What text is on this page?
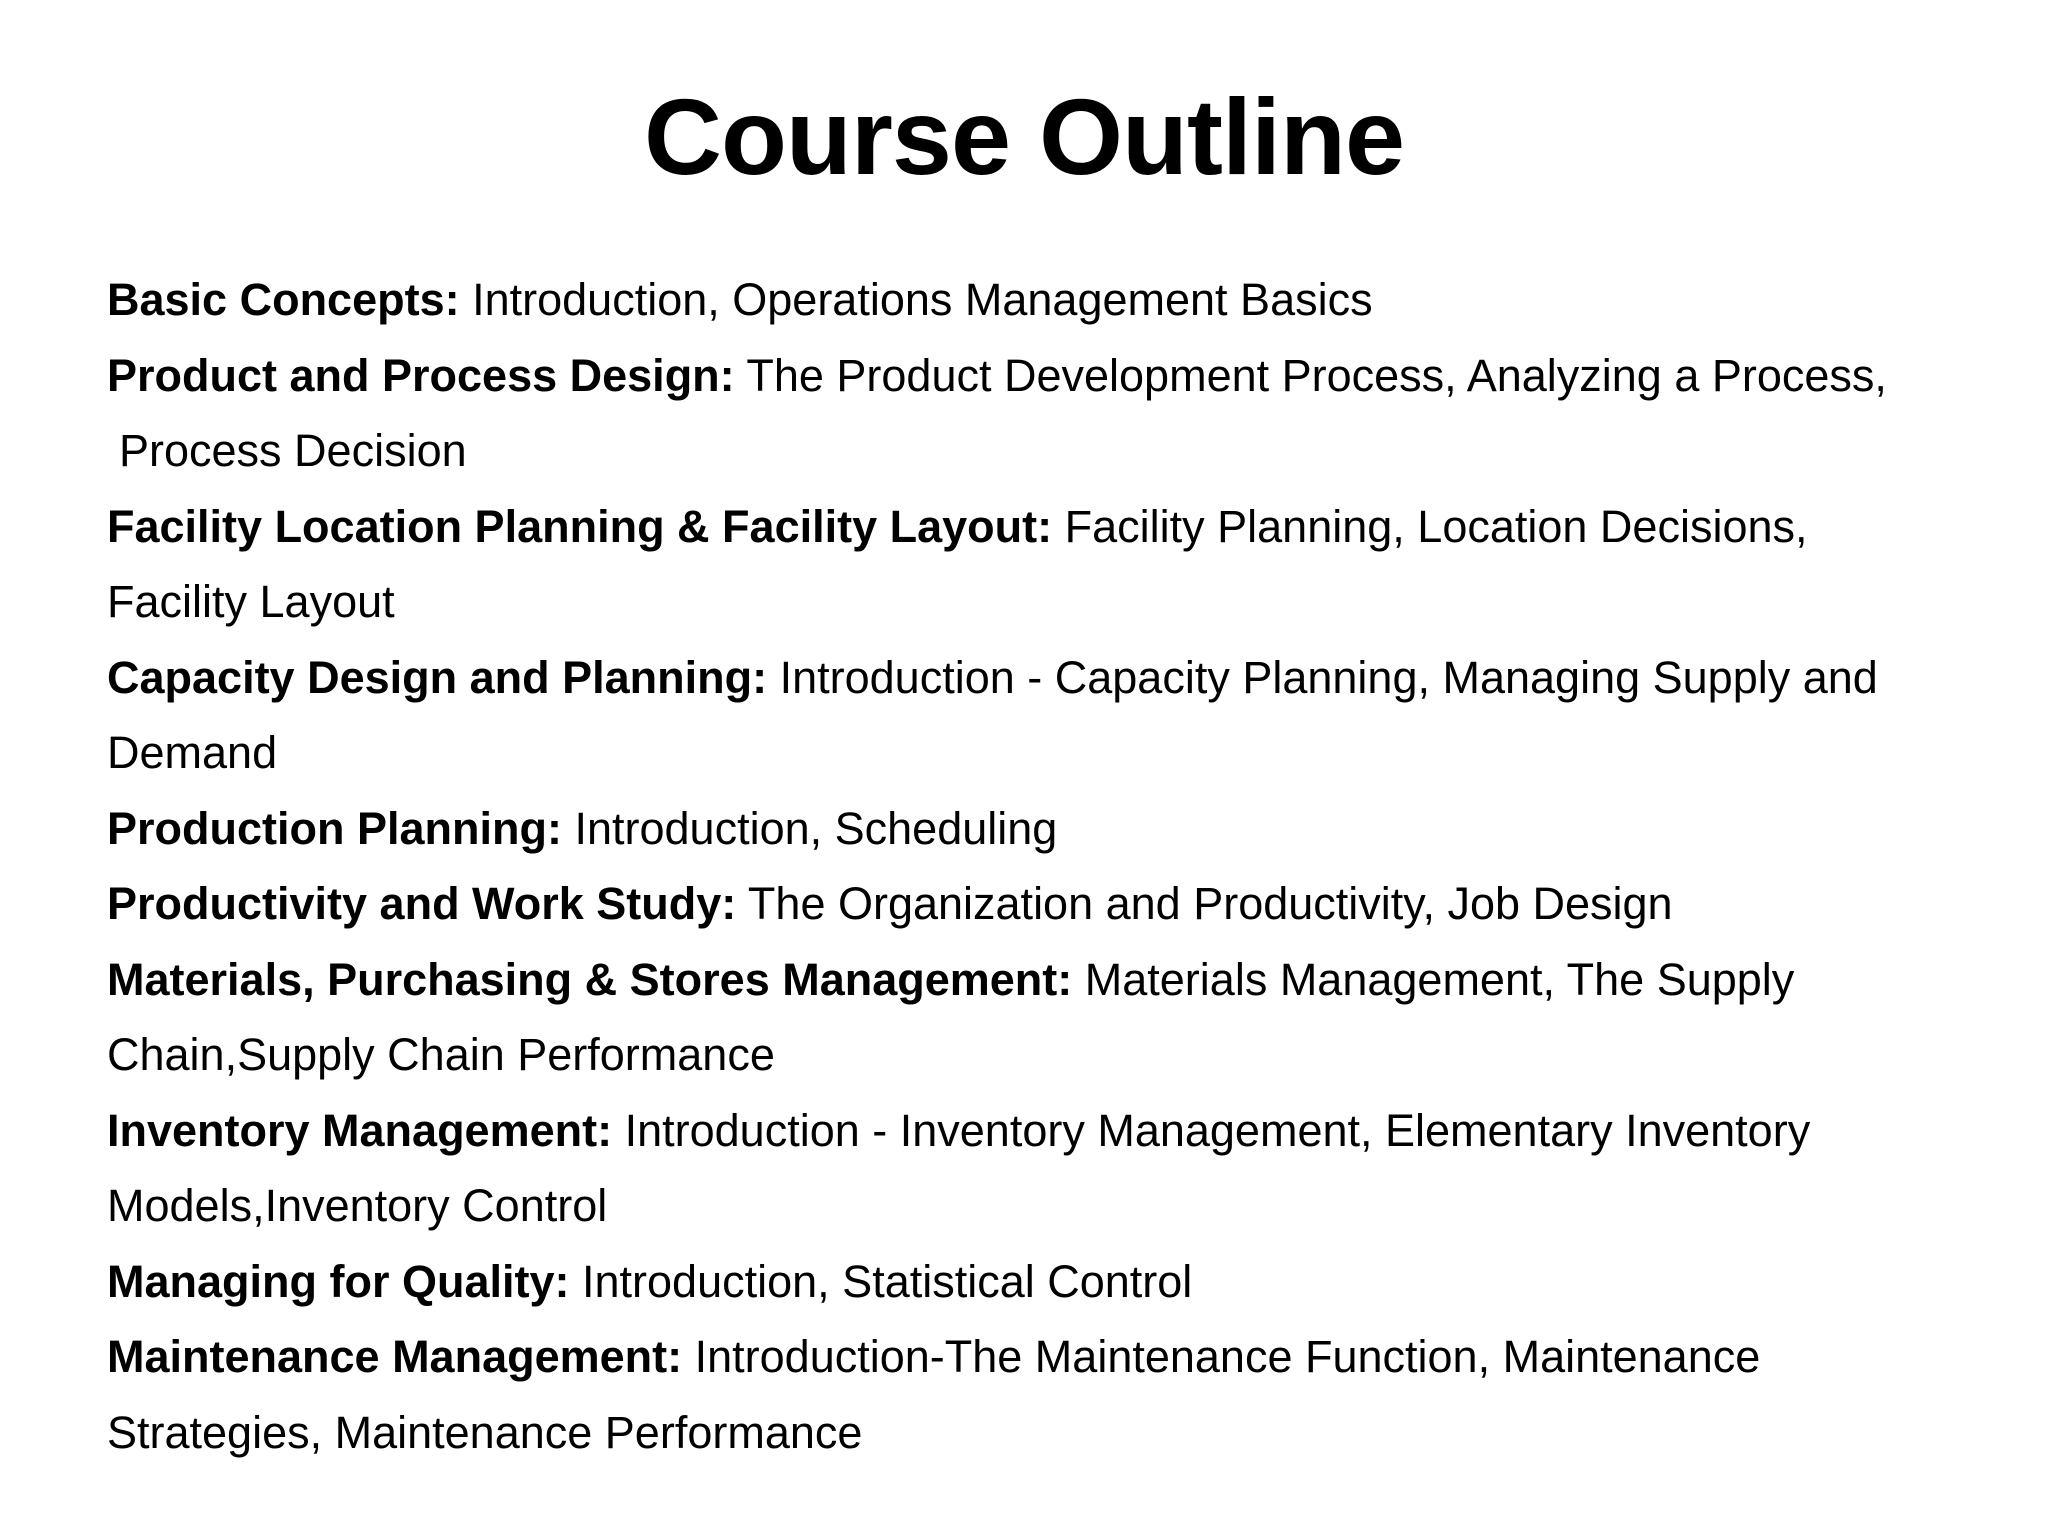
Course Outline
Basic Concepts: Introduction, Operations Management Basics
Product and Process Design: The Product Development Process, Analyzing a Process,
Process Decision
Facility Location Planning & Facility Layout: Facility Planning, Location Decisions,
Facility Layout
Capacity Design and Planning: Introduction - Capacity Planning, Managing Supply and
Demand
Production Planning: Introduction, Scheduling
Productivity and Work Study: The Organization and Productivity, Job Design
Materials, Purchasing & Stores Management: Materials Management, The Supply
Chain,Supply Chain Performance
Inventory Management: Introduction - Inventory Management, Elementary Inventory
Models,Inventory Control
Managing for Quality: Introduction, Statistical Control
Maintenance Management: Introduction-The Maintenance Function, Maintenance
Strategies, Maintenance Performance
